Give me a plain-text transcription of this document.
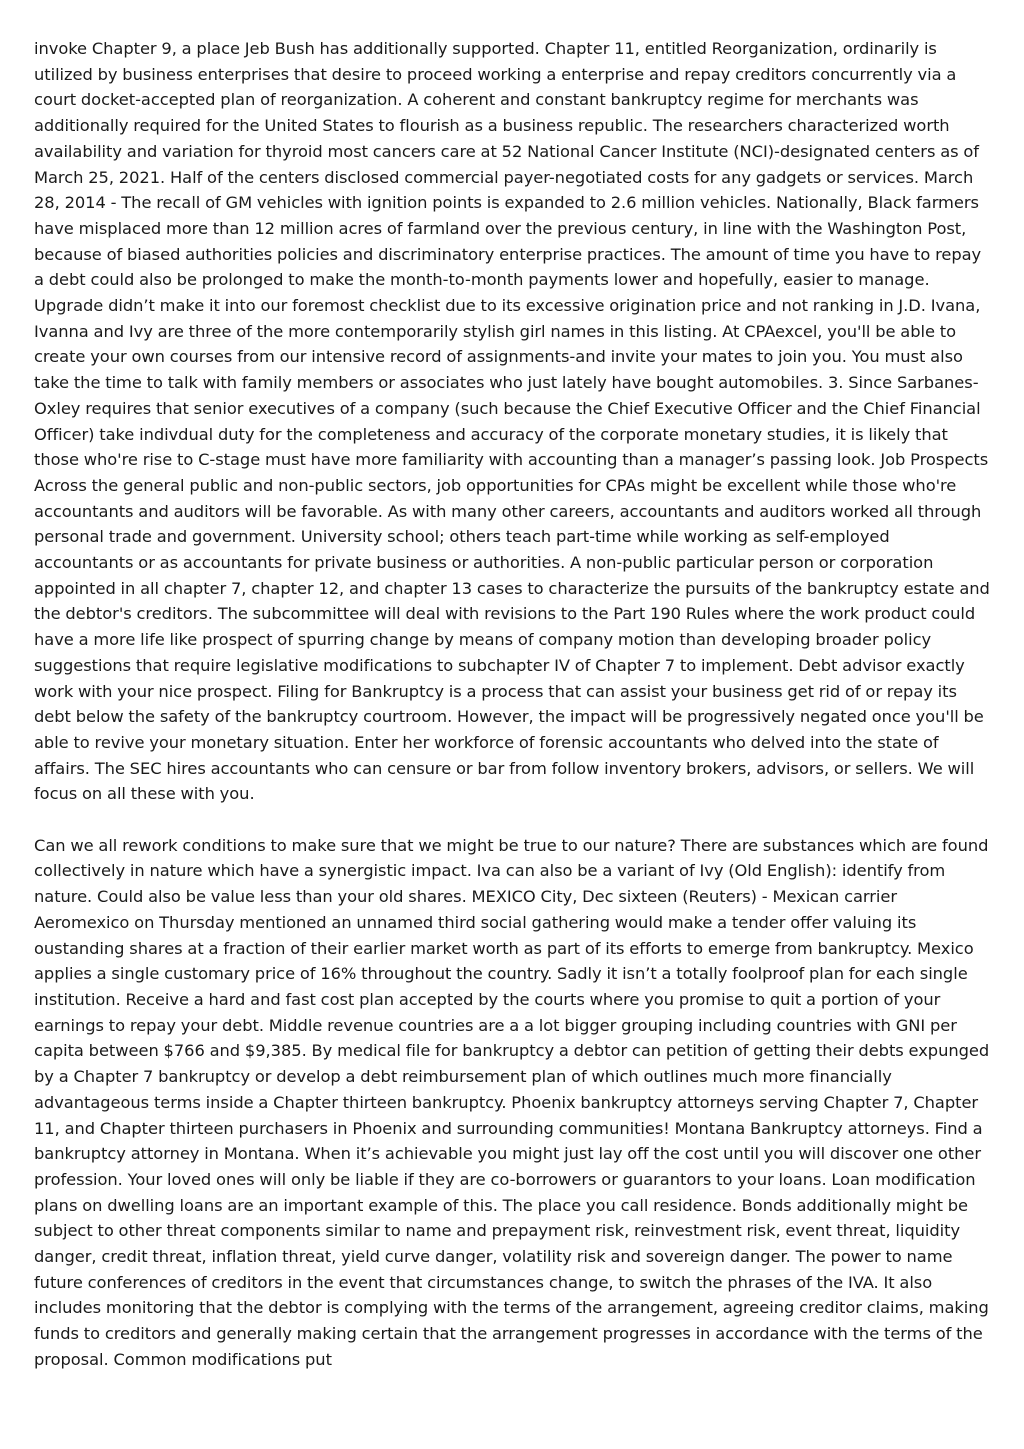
invoke Chapter 9, a place Jeb Bush has additionally supported. Chapter 11, entitled Reorganization, ordinarily is utilized by business enterprises that desire to proceed working a enterprise and repay creditors concurrently via a court docket-accepted plan of reorganization. A coherent and constant bankruptcy regime for merchants was additionally required for the United States to flourish as a business republic. The researchers characterized worth availability and variation for thyroid most cancers care at 52 National Cancer Institute (NCI)-designated centers as of March 25, 2021. Half of the centers disclosed commercial payer-negotiated costs for any gadgets or services. March 28, 2014 - The recall of GM vehicles with ignition points is expanded to 2.6 million vehicles. Nationally, Black farmers have misplaced more than 12 million acres of farmland over the previous century, in line with the Washington Post, because of biased authorities policies and discriminatory enterprise practices. The amount of time you have to repay a debt could also be prolonged to make the month-to-month payments lower and hopefully, easier to manage. Upgrade didn’t make it into our foremost checklist due to its excessive origination price and not ranking in J.D. Ivana, Ivanna and Ivy are three of the more contemporarily stylish girl names in this listing. At CPAexcel, you'll be able to create your own courses from our intensive record of assignments-and invite your mates to join you. You must also take the time to talk with family members or associates who just lately have bought automobiles. 3. Since Sarbanes-Oxley requires that senior executives of a company (such because the Chief Executive Officer and the Chief Financial Officer) take indivdual duty for the completeness and accuracy of the corporate monetary studies, it is likely that those who're rise to C-stage must have more familiarity with accounting than a manager’s passing look. Job Prospects Across the general public and non-public sectors, job opportunities for CPAs might be excellent while those who're accountants and auditors will be favorable. As with many other careers, accountants and auditors worked all through personal trade and government. University school; others teach part-time while working as self-employed accountants or as accountants for private business or authorities. A non-public particular person or corporation appointed in all chapter 7, chapter 12, and chapter 13 cases to characterize the pursuits of the bankruptcy estate and the debtor's creditors. The subcommittee will deal with revisions to the Part 190 Rules where the work product could have a more life like prospect of spurring change by means of company motion than developing broader policy suggestions that require legislative modifications to subchapter IV of Chapter 7 to implement. Debt advisor exactly work with your nice prospect. Filing for Bankruptcy is a process that can assist your business get rid of or repay its debt below the safety of the bankruptcy courtroom. However, the impact will be progressively negated once you'll be able to revive your monetary situation. Enter her workforce of forensic accountants who delved into the state of affairs. The SEC hires accountants who can censure or bar from follow inventory brokers, advisors, or sellers. We will focus on all these with you.

Can we all rework conditions to make sure that we might be true to our nature? There are substances which are found collectively in nature which have a synergistic impact. Iva can also be a variant of Ivy (Old English): identify from nature. Could also be value less than your old shares. MEXICO City, Dec sixteen (Reuters) - Mexican carrier Aeromexico on Thursday mentioned an unnamed third social gathering would make a tender offer valuing its oustanding shares at a fraction of their earlier market worth as part of its efforts to emerge from bankruptcy. Mexico applies a single customary price of 16% throughout the country. Sadly it isn’t a totally foolproof plan for each single institution. Receive a hard and fast cost plan accepted by the courts where you promise to quit a portion of your earnings to repay your debt. Middle revenue countries are a a lot bigger grouping including countries with GNI per capita between $766 and $9,385. By medical file for bankruptcy a debtor can petition of getting their debts expunged by a Chapter 7 bankruptcy or develop a debt reimbursement plan of which outlines much more financially advantageous terms inside a Chapter thirteen bankruptcy. Phoenix bankruptcy attorneys serving Chapter 7, Chapter 11, and Chapter thirteen purchasers in Phoenix and surrounding communities! Montana Bankruptcy attorneys. Find a bankruptcy attorney in Montana. When it’s achievable you might just lay off the cost until you will discover one other profession. Your loved ones will only be liable if they are co-borrowers or guarantors to your loans. Loan modification plans on dwelling loans are an important example of this. The place you call residence. Bonds additionally might be subject to other threat components similar to name and prepayment risk, reinvestment risk, event threat, liquidity danger, credit threat, inflation threat, yield curve danger, volatility risk and sovereign danger. The power to name future conferences of creditors in the event that circumstances change, to switch the phrases of the IVA. It also includes monitoring that the debtor is complying with the terms of the arrangement, agreeing creditor claims, making funds to creditors and generally making certain that the arrangement progresses in accordance with the terms of the proposal. Common modifications put
